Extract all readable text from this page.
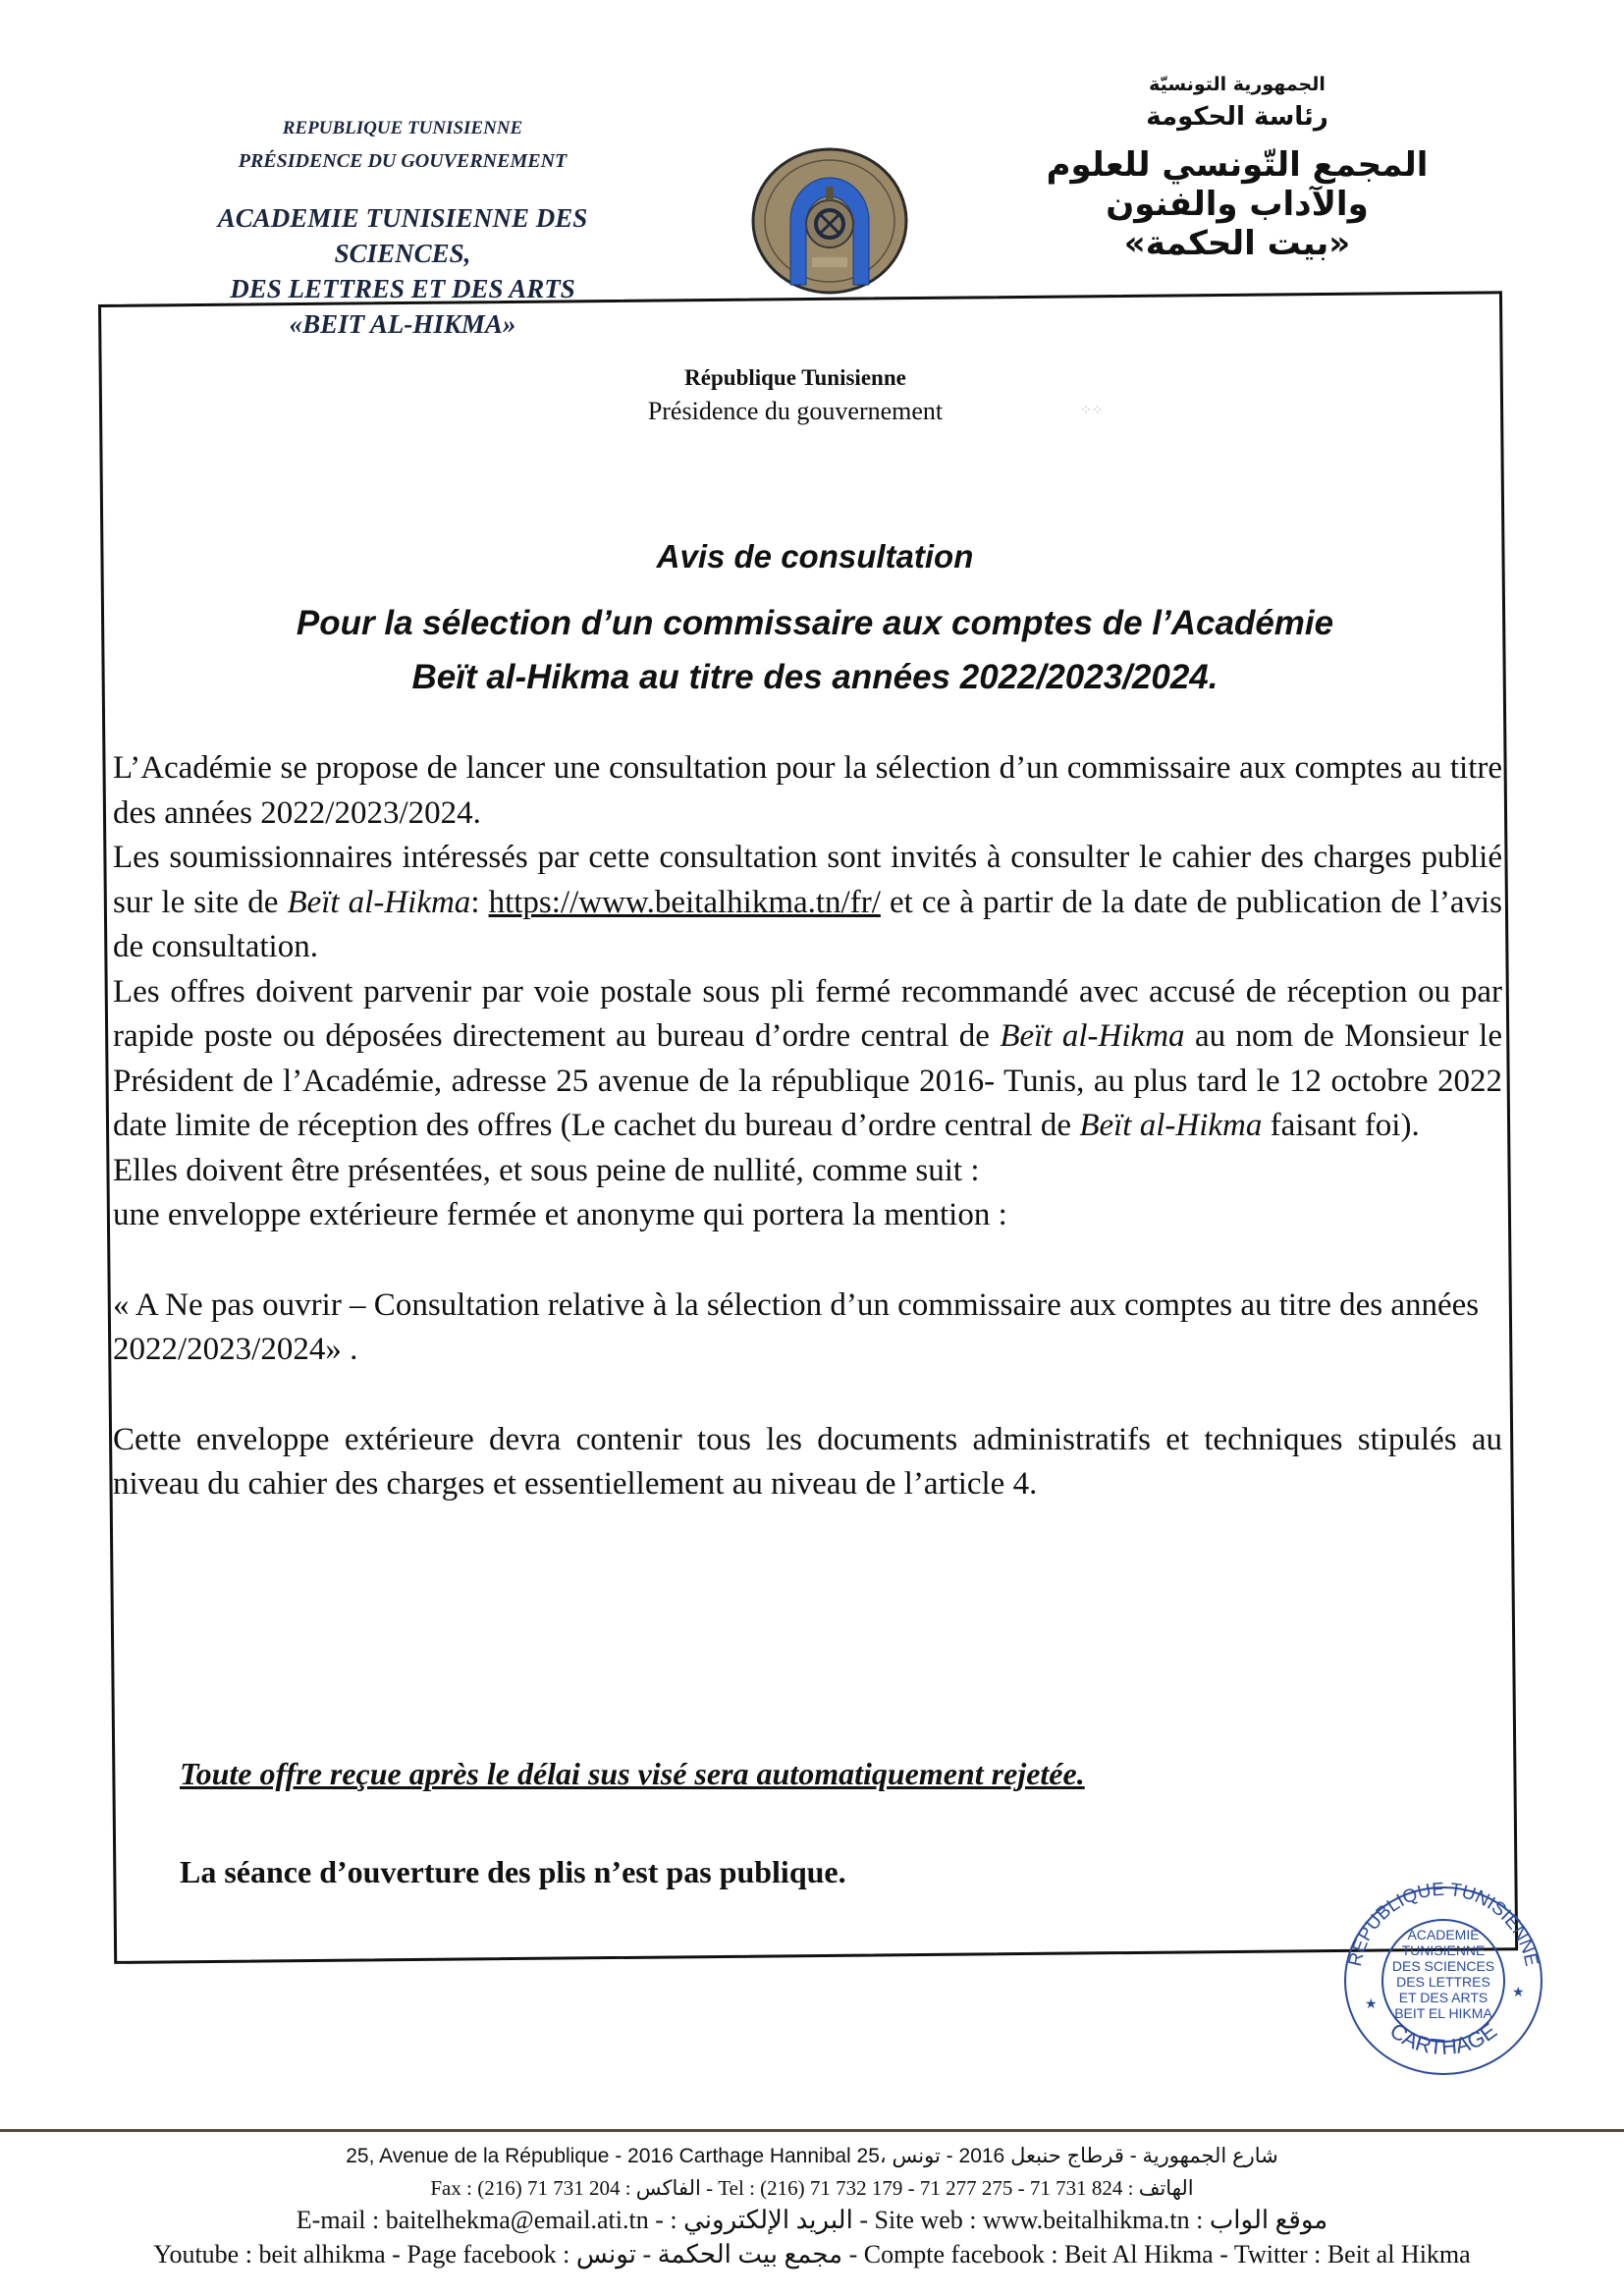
REPUBLIQUE TUNISIENNE
PRÉSIDENCE DU GOUVERNEMENT
ACADEMIE TUNISIENNE DES SCIENCES,
DES LETTRES ET DES ARTS
«BEIT AL-HIKMA»
الجمهورية التونسيّة
رئاسة الحكومة
المجمع التّونسي للعلوم
والآداب والفنون
«بيت الحكمة»
République Tunisienne
Présidence du gouvernement	⁘⁘
Avis de consultation
Pour la sélection d’un commissaire aux comptes de l’Académie
Beït al-Hikma au titre des années 2022/2023/2024.

L’Académie se propose de lancer une consultation pour la sélection d’un commissaire aux comptes au titre des années 2022/2023/2024.

Les soumissionnaires intéressés par cette consultation sont invités à consulter le cahier des charges publié sur le site de Beït al-Hikma: https://www.beitalhikma.tn/fr/ et ce à partir de la date de publication de l’avis de consultation.

Les offres doivent parvenir par voie postale sous pli fermé recommandé avec accusé de réception ou par rapide poste ou déposées directement au bureau d’ordre central de Beït al-Hikma au nom de Monsieur le Président de l’Académie, adresse 25 avenue de la république 2016- Tunis, au plus tard le 12 octobre 2022 date limite de réception des offres (Le cachet du bureau d’ordre central de Beït al-Hikma faisant foi).

Elles doivent être présentées, et sous peine de nullité, comme suit :

une enveloppe extérieure fermée et anonyme qui portera la mention :

« A Ne pas ouvrir – Consultation relative à la sélection d’un commissaire aux comptes au titre des années 2022/2023/2024» .

Cette enveloppe extérieure devra contenir tous les documents administratifs et techniques stipulés au niveau du cahier des charges et essentiellement au niveau de l’article 4.

Toute offre reçue après le délai sus visé sera automatiquement rejetée.
La séance d’ouverture des plis n’est pas publique.
REPUBLIQUE TUNISIENNE
CARTHAGE
ACADEMIE
TUNISIENNE
DES SCIENCES
DES LETTRES
ET DES ARTS
BEIT EL HIKMA
★
★
25, Avenue de la République - 2016 Carthage Hannibal 25، شارع الجمهورية - قرطاج حنبعل 2016 - تونس
Fax : (216) 71 731 204 : الفاكس - Tel : (216) 71 732 179 - 71 277 275 - 71 731 824 : الهاتف
E-mail : baitelhekma@email.ati.tn - : البريد الإلكتروني - Site web : www.beitalhikma.tn : موقع الواب
Youtube : beit alhikma - Page facebook : مجمع بيت الحكمة - تونس - Compte facebook : Beit Al Hikma - Twitter : Beit al Hikma
